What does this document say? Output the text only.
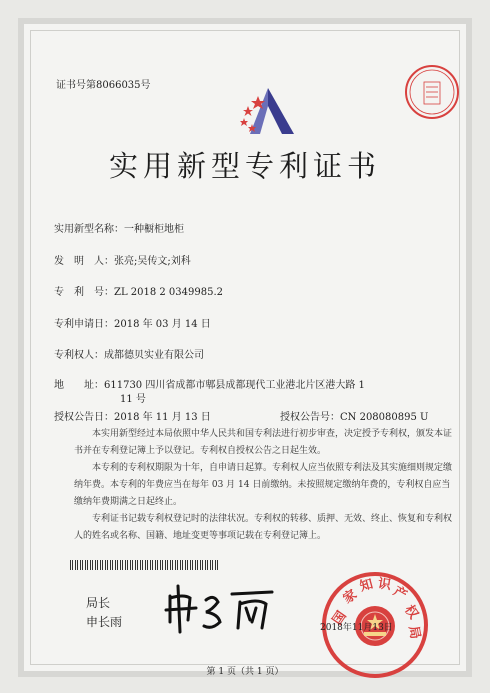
证书号第8066035号
实用新型专利证书
实用新型名称：一种橱柜地柜
发　明　人：张亮;吴传文;刘科
专　利　号：ZL 2018 2 0349985.2
专利申请日：2018 年 03 月 14 日
专利权人：成都德贝实业有限公司
地　　址：611730 四川省成都市郫县成都现代工业港北片区港大路 1
11 号
授权公告日：2018 年 11 月 13 日	授权公告号：CN 208080895 U
本实用新型经过本局依照中华人民共和国专利法进行初步审查，决定授予专利权，颁发本证书并在专利登记簿上予以登记。专利权自授权公告之日起生效。
本专利的专利权期限为十年，自申请日起算。专利权人应当依照专利法及其实施细则规定缴纳年费。本专利的年费应当在每年 03 月 14 日前缴纳。未按照规定缴纳年费的，专利权自应当缴纳年费期满之日起终止。
专利证书记载专利权登记时的法律状况。专利权的转移、质押、无效、终止、恢复和专利权人的姓名或名称、国籍、地址变更等事项记载在专利登记簿上。
局长
申长雨	国
家
知 识
产
权
局
2018年11月13日
第 1 页（共 1 页）
